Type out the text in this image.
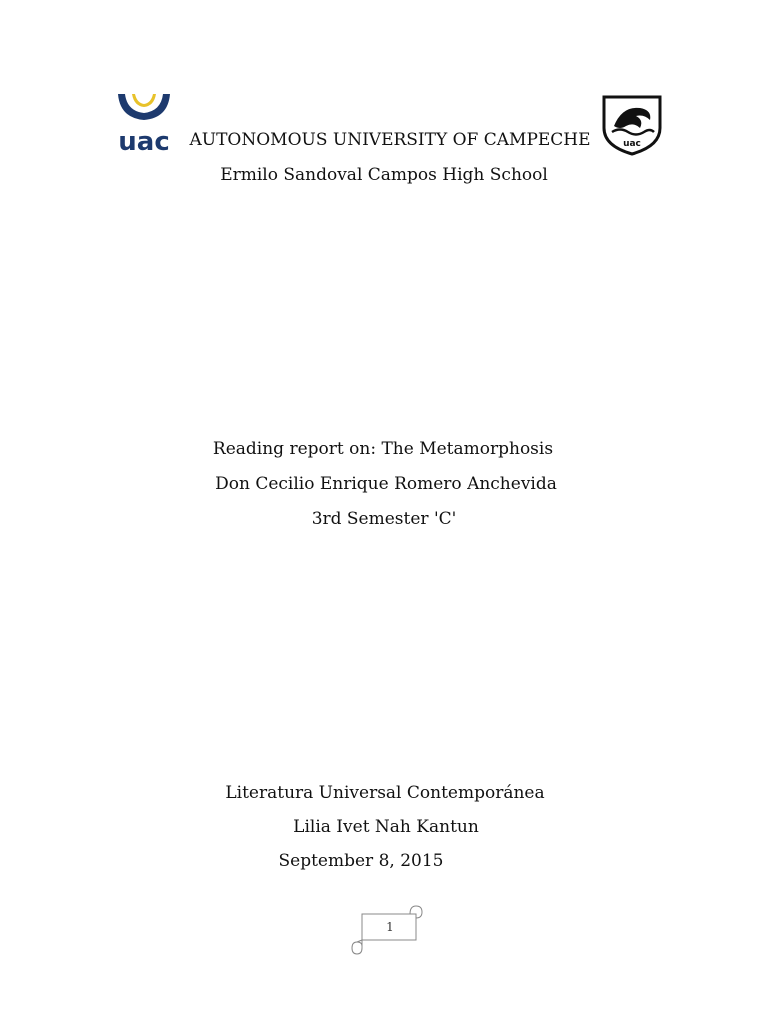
uac	uac
AUTONOMOUS UNIVERSITY OF CAMPECHE
Ermilo Sandoval Campos High School
Reading report on: The Metamorphosis
Don Cecilio Enrique Romero Anchevida
3rd Semester 'C'
Literatura Universal Contemporánea
Lilia Ivet Nah Kantun
September 8, 2015
1
